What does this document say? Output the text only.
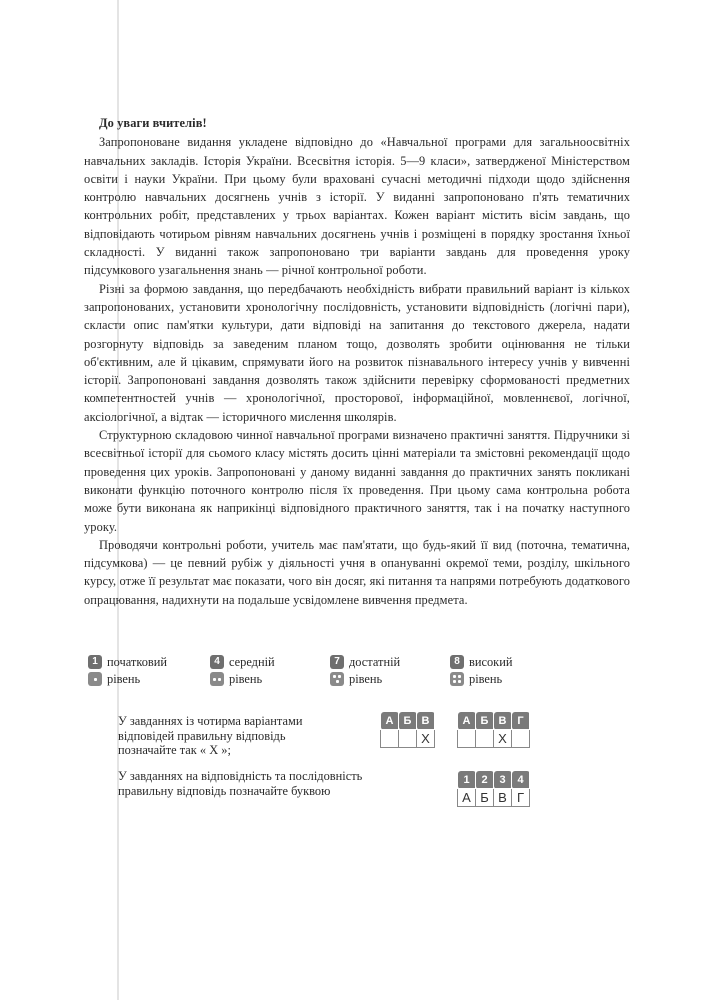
До уваги вчителів!

Запропоноване видання укладене відповідно до «Навчальної програми для загальноосвітніх навчальних закладів. Історія України. Всесвітня історія. 5—9 класи», затвердженої Міністерством освіти і науки України. При цьому були враховані сучасні методичні підходи щодо здійснення контролю навчальних досягнень учнів з історії. У виданні запропоновано п'ять тематичних контрольних робіт, представлених у трьох варіантах. Кожен варіант містить вісім завдань, що відповідають чотирьом рівням навчальних досягнень учнів і розміщені в порядку зростання їхньої складності. У виданні також запропоновано три варіанти завдань для проведення уроку підсумкового узагальнення знань — річної контрольної роботи.

Різні за формою завдання, що передбачають необхідність вибрати правильний варіант із кількох запропонованих, установити хронологічну послідовність, установити відповідність (логічні пари), скласти опис пам'ятки культури, дати відповіді на запитання до текстового джерела, надати розгорнуту відповідь за заведеним планом тощо, дозволять зробити оцінювання не тільки об'єктивним, але й цікавим, спрямувати його на розвиток пізнавального інтересу учнів у вивченні історії. Запропоновані завдання дозволять також здійснити перевірку сформованості предметних компетентностей учнів — хронологічної, просторової, інформаційної, мовленнєвої, логічної, аксіологічної, а відтак — історичного мислення школярів.

Структурною складовою чинної навчальної програми визначено практичні заняття. Підручники зі всесвітньої історії для сьомого класу містять досить цінні матеріали та змістовні рекомендації щодо проведення цих уроків. Запропоновані у даному виданні завдання до практичних занять покликані виконати функцію поточного контролю після їх проведення. При цьому сама контрольна робота може бути виконана як наприкінці відповідного практичного заняття, так і на початку наступного уроку.

Проводячи контрольні роботи, учитель має пам'ятати, що будь-який її вид (поточна, тематична, підсумкова) — це певний рубіж у діяльності учня в опануванні окремої теми, розділу, шкільного курсу, отже її результат має показати, чого він досяг, які питання та напрями потребують додаткового опрацювання, надихнути на подальше усвідомлене вивчення предмета.

1 початковий
рівень
4 середній
рівень
7 достатній
рівень
8 високий
рівень
У завданнях із чотирма варіантами
відповідей правильну відповідь
позначайте так « X »;
А	Б	В
		X
А	Б	В	Г
		X	
У завданнях на відповідність та послідовність
правильну відповідь позначайте буквою
1	2	3	4
А	Б	В	Г
